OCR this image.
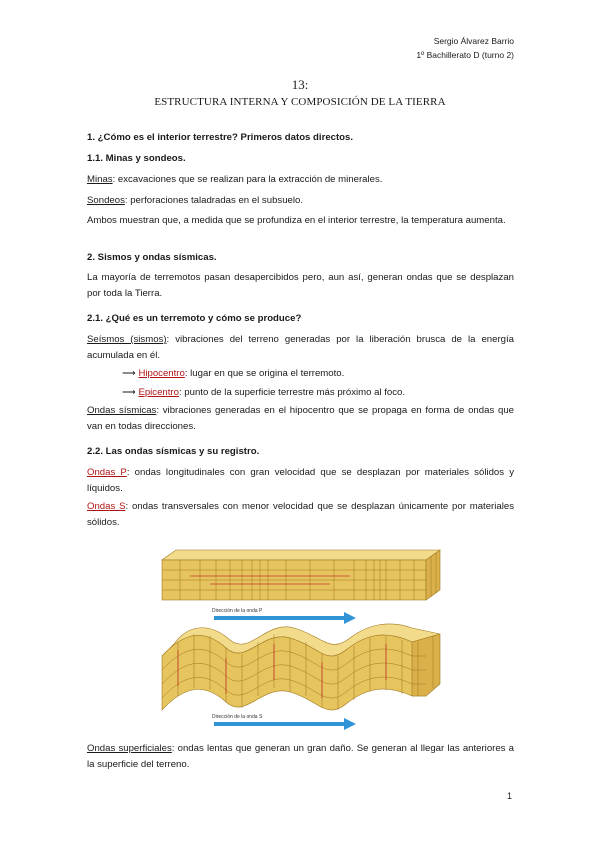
Sergio Álvarez Barrio
1º Bachillerato D (turno 2)
13:
ESTRUCTURA INTERNA Y COMPOSICIÓN DE LA TIERRA

1. ¿Cómo es el interior terrestre? Primeros datos directos.

1.1. Minas y sondeos.

Minas: excavaciones que se realizan para la extracción de minerales.

Sondeos: perforaciones taladradas en el subsuelo.

Ambos muestran que, a medida que se profundiza en el interior terrestre, la temperatura aumenta.

2. Sismos y ondas sísmicas.

La mayoría de terremotos pasan desapercibidos pero, aun así, generan ondas que se desplazan por toda la Tierra.

2.1. ¿Qué es un terremoto y cómo se produce?

Seísmos (sismos): vibraciones del terreno generadas por la liberación brusca de la energía acumulada en él.

⟶ Hipocentro: lugar en que se origina el terremoto.

⟶ Epicentro: punto de la superficie terrestre más próximo al foco.

Ondas sísmicas: vibraciones generadas en el hipocentro que se propaga en forma de ondas que van en todas direcciones.

2.2. Las ondas sísmicas y su registro.

Ondas P: ondas longitudinales con gran velocidad que se desplazan por materiales sólidos y líquidos.

Ondas S: ondas transversales con menor velocidad que se desplazan únicamente por materiales sólidos.

Dirección de la onda P
Dirección de la onda S

Ondas superficiales: ondas lentas que generan un gran daño. Se generan al llegar las anteriores a la superficie del terreno.

1
